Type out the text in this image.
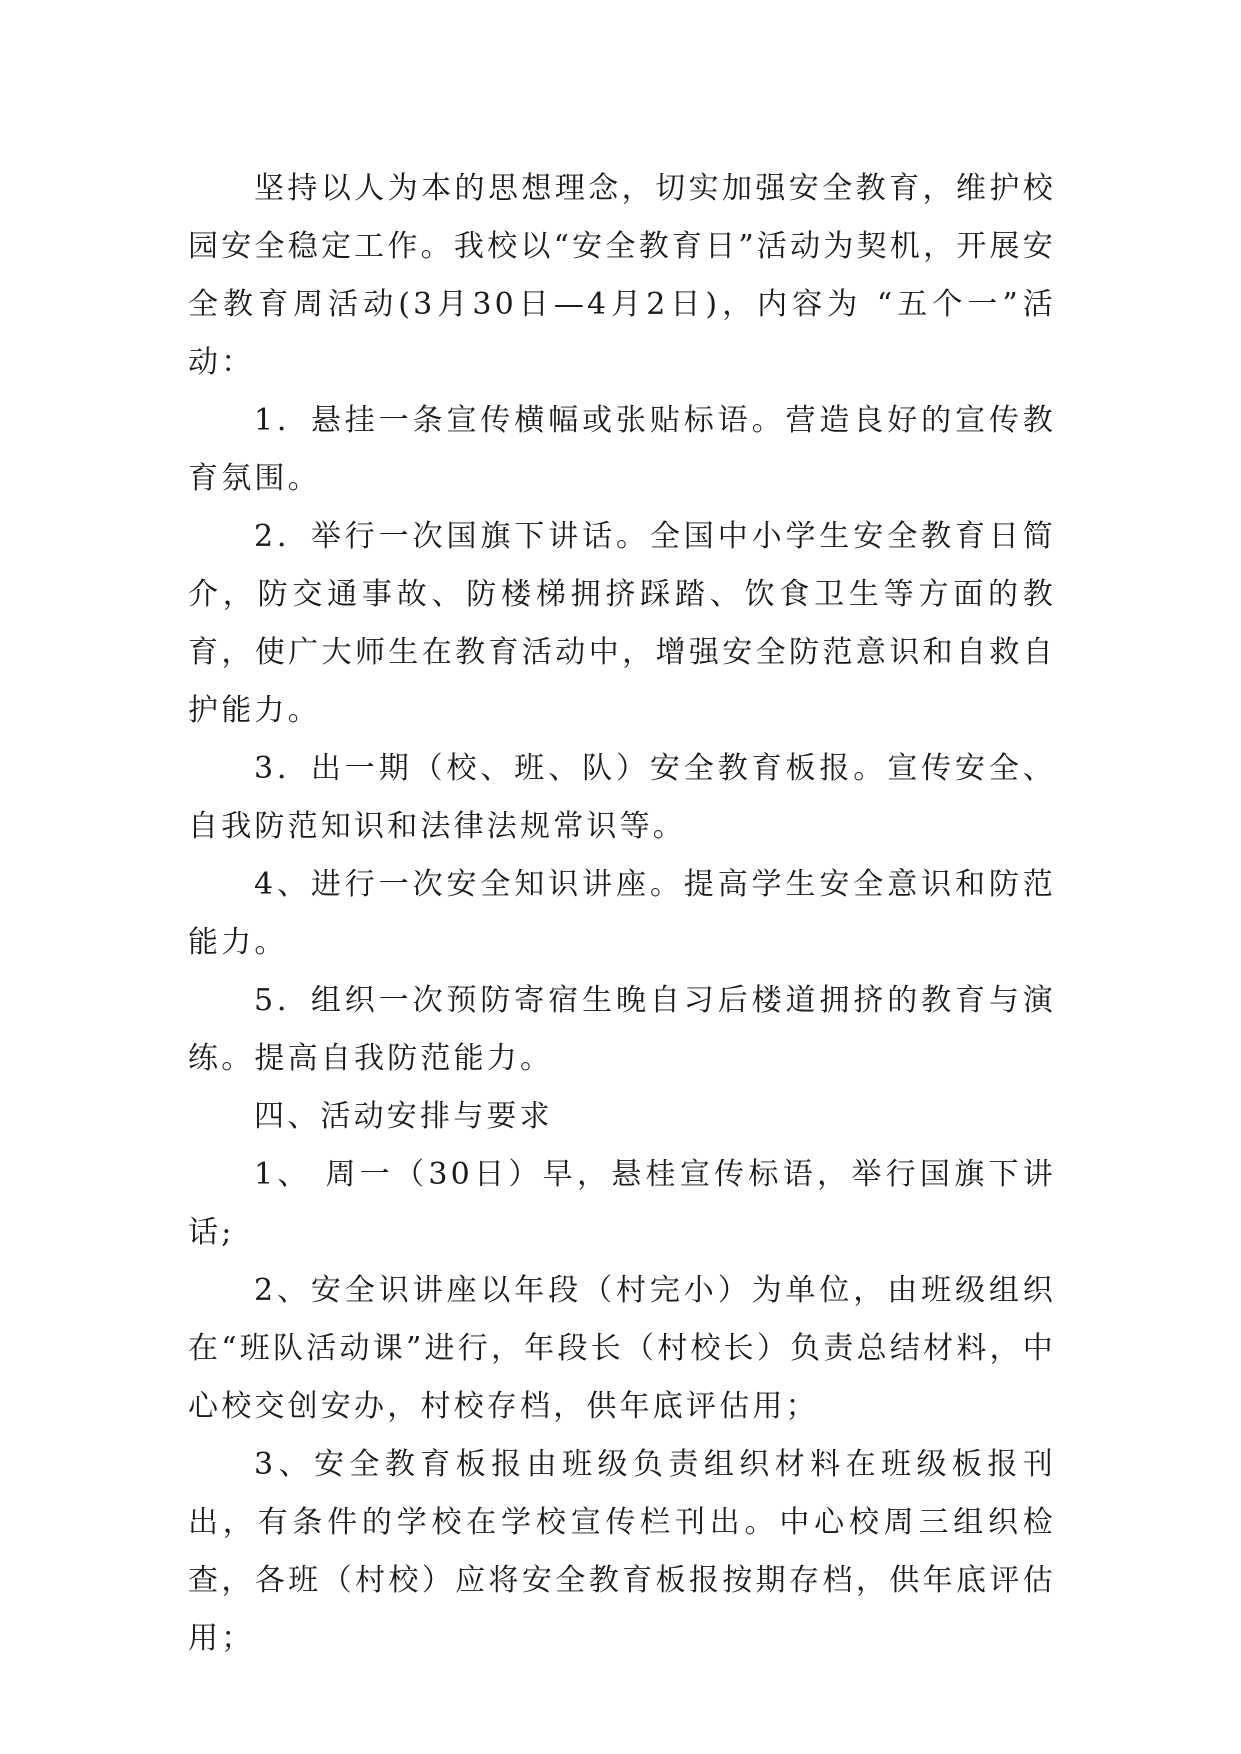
坚持以人为本的思想理念，切实加强安全教育，维护校园安全稳定工作。我校以“安全教育日”活动为契机，开展安全教育周活动(3月30日—4月2日)，内容为 “五个一”活动：

1．悬挂一条宣传横幅或张贴标语。营造良好的宣传教育氛围。

2．举行一次国旗下讲话。全国中小学生安全教育日简介，防交通事故、防楼梯拥挤踩踏、饮食卫生等方面的教育，使广大师生在教育活动中，增强安全防范意识和自救自护能力。

3．出一期（校、班、队）安全教育板报。宣传安全、自我防范知识和法律法规常识等。

4、进行一次安全知识讲座。提高学生安全意识和防范能力。

5．组织一次预防寄宿生晚自习后楼道拥挤的教育与演练。提高自我防范能力。

四、活动安排与要求

1、 周一（30日）早，悬桂宣传标语，举行国旗下讲话;

2、安全识讲座以年段（村完小）为单位，由班级组织在“班队活动课”进行，年段长（村校长）负责总结材料，中心校交创安办，村校存档，供年底评估用；

3、安全教育板报由班级负责组织材料在班级板报刊出，有条件的学校在学校宣传栏刊出。中心校周三组织检查，各班（村校）应将安全教育板报按期存档，供年底评估用；
